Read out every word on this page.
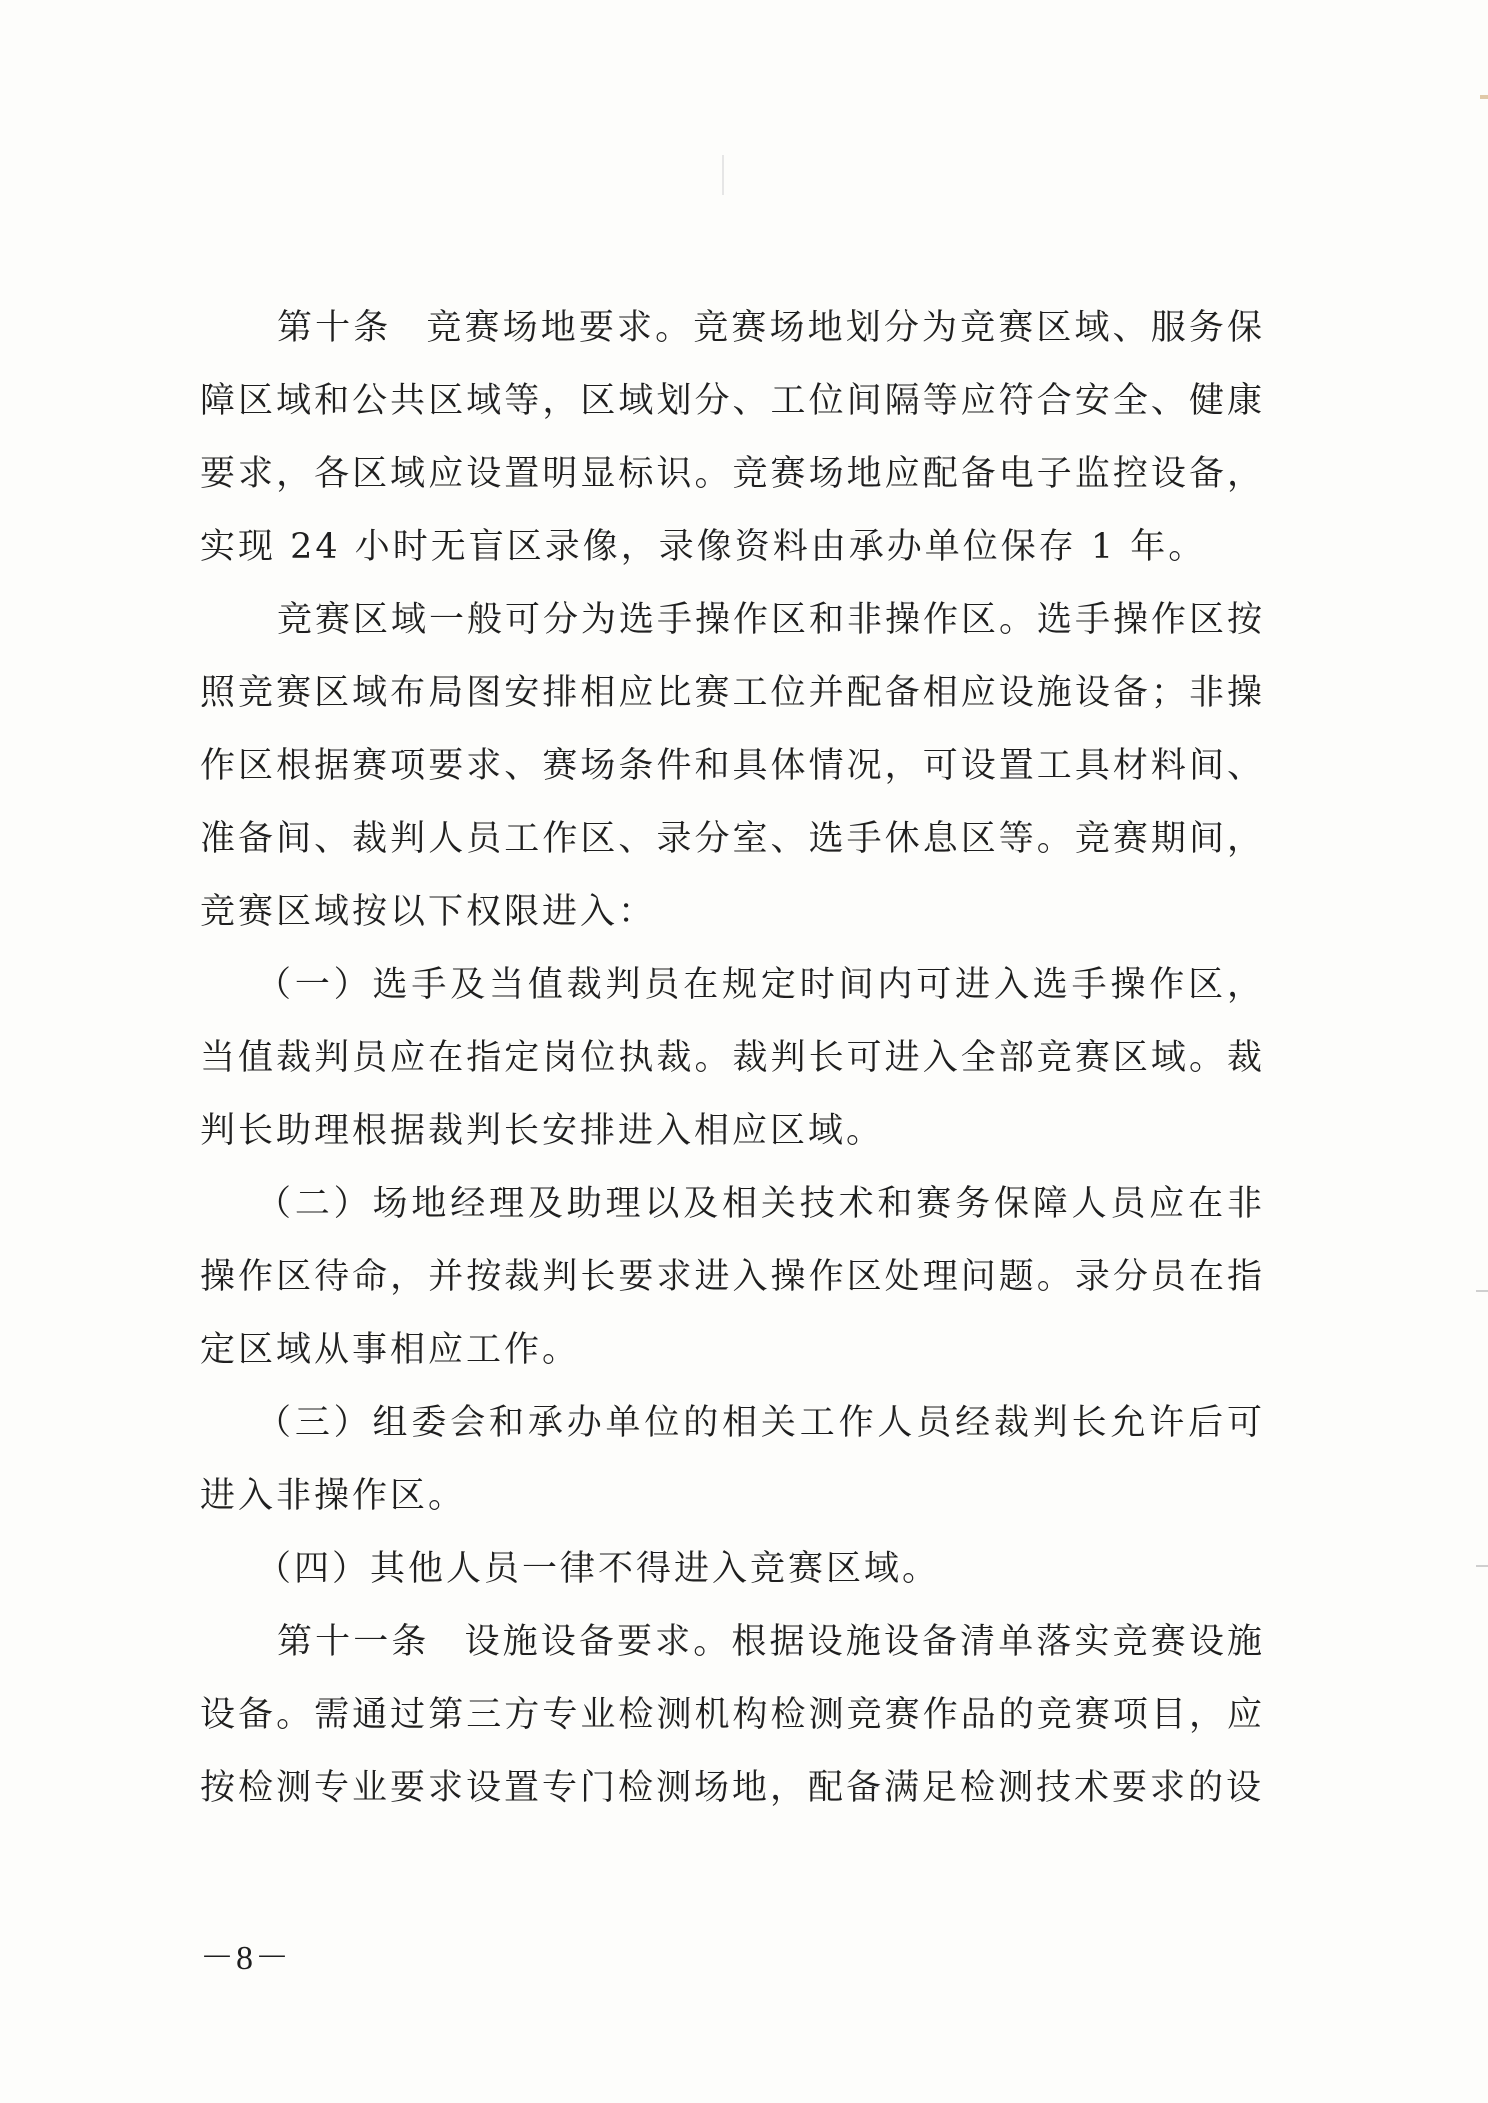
第十条 竞赛场地要求。竞赛场地划分为竞赛区域、服务保障区域和公共区域等，区域划分、工位间隔等应符合安全、健康要求，各区域应设置明显标识。竞赛场地应配备电子监控设备，实现 24 小时无盲区录像，录像资料由承办单位保存 1 年。

竞赛区域一般可分为选手操作区和非操作区。选手操作区按照竞赛区域布局图安排相应比赛工位并配备相应设施设备；非操作区根据赛项要求、赛场条件和具体情况，可设置工具材料间、准备间、裁判人员工作区、录分室、选手休息区等。竞赛期间，竞赛区域按以下权限进入：

（一）选手及当值裁判员在规定时间内可进入选手操作区，当值裁判员应在指定岗位执裁。裁判长可进入全部竞赛区域。裁判长助理根据裁判长安排进入相应区域。

（二）场地经理及助理以及相关技术和赛务保障人员应在非操作区待命，并按裁判长要求进入操作区处理问题。录分员在指定区域从事相应工作。

（三）组委会和承办单位的相关工作人员经裁判长允许后可进入非操作区。

（四）其他人员一律不得进入竞赛区域。

第十一条 设施设备要求。根据设施设备清单落实竞赛设施设备。需通过第三方专业检测机构检测竞赛作品的竞赛项目，应按检测专业要求设置专门检测场地，配备满足检测技术要求的设

－8－
